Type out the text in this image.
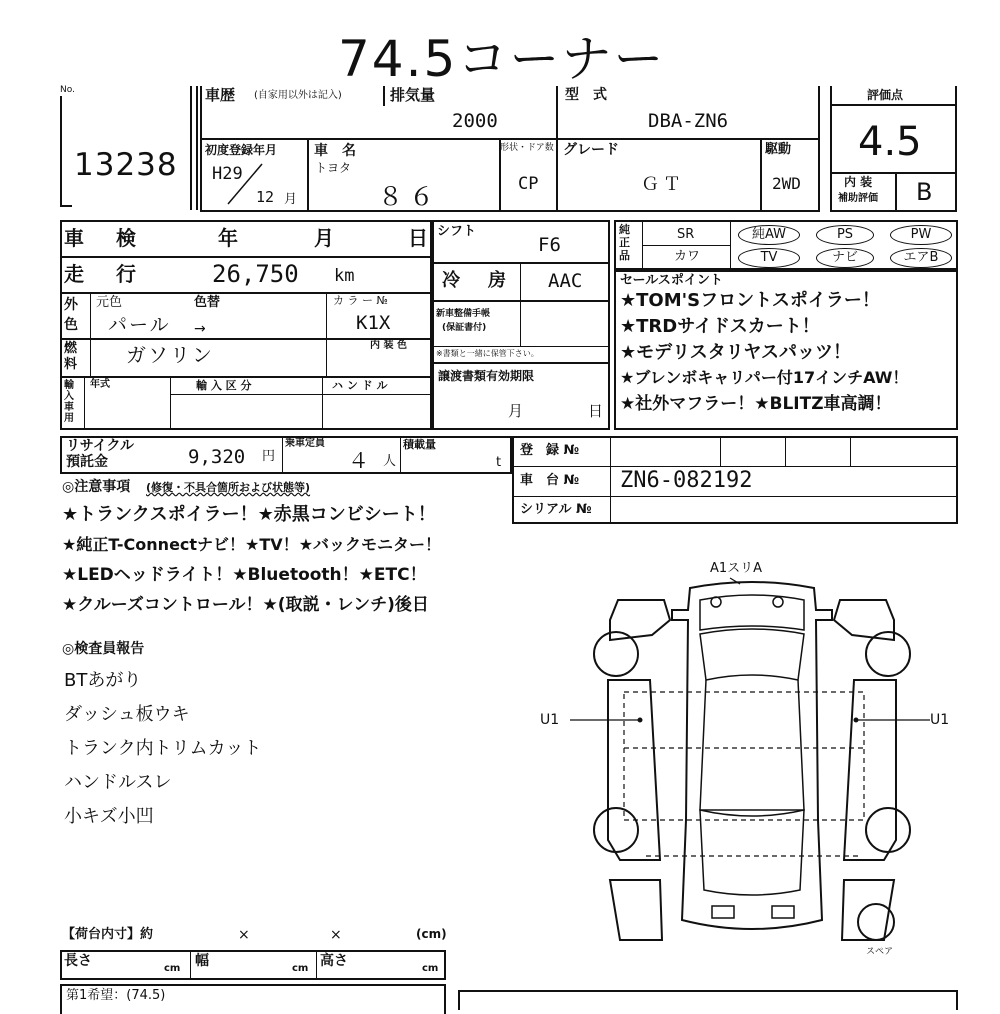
74.5コーナー
No.
13238
車歴 (自家用以外は記入)	排気量
2000
型　式
DBA-ZN6
初度登録年月
H29
12 月
車　名
トヨタ
８６
形状・ドア数
CP
グレード
ＧＴ
駆動
2WD
評価点
4.5
内 装
補助評価 B
車　検	年	月	日
走　行	26,750 km
外
色
元色	色替
パール →
カ ラ ー №
K1X
内 装 色
燃
料 ガソリン
輸入車用
年式	輸 入 区 分	ハ ン ド ル
シフト
F6
冷　房 AAC
新車整備手帳
(保証書付)
※書類と一緒に保管下さい。
譲渡書類有効期限
月	日
純正品
SR	純AW	PS	PW
カワ	TV	ナビ	エアB
セールスポイント
★TOM'Sフロントスポイラー！
★TRDサイドスカート！
★モデリスタリヤスパッツ！
★ブレンボキャリパー付17インチAW！
★社外マフラー！★BLITZ車高調！
リサイクル
預託金	9,320 円
乗車定員
４ 人
積載量
t
登　録 №
車　台 № ZN6-082192
シリアル №
◎注意事項 (修復・不具合箇所および状態等)
★トランクスポイラー！★赤黒コンビシート！
★純正T-Connectナビ！★TV！★バックモニター！
★LEDヘッドライト！★Bluetooth！★ETC！
★クルーズコントロール！★(取説・レンチ)後日
◎検査員報告
BTあがり
ダッシュ板ウキ
トランク内トリムカット
ハンドルスレ
小キズ小凹
A1スリA
U1	U1
スペア
【荷台内寸】約	×	×	(cm)
長さ	cm 幅	cm 高さ	cm
第1希望：(74.5)
